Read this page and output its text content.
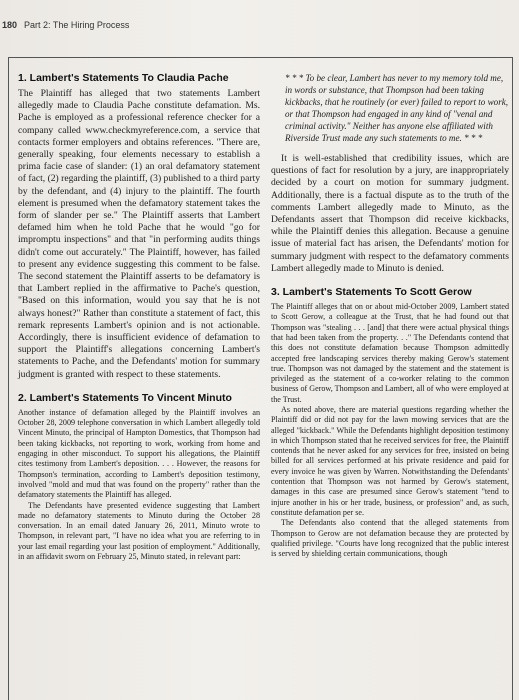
180 Part 2: The Hiring Process
1. Lambert's Statements To Claudia Pache

The Plaintiff has alleged that two statements Lambert allegedly made to Claudia Pache constitute defamation. Ms. Pache is employed as a professional reference checker for a company called www.checkmyreference.com, a service that contacts former employers and obtains references. "There are, generally speaking, four elements necessary to establish a prima facie case of slander: (1) an oral defamatory statement of fact, (2) regarding the plaintiff, (3) published to a third party by the defendant, and (4) injury to the plaintiff. The fourth element is presumed when the defamatory statement takes the form of slander per se." The Plaintiff asserts that Lambert defamed him when he told Pache that he would "go for impromptu inspections" and that "in performing audits things didn't come out accurately." The Plaintiff, however, has failed to present any evidence suggesting this comment to be false. The second statement the Plaintiff asserts to be defamatory is that Lambert replied in the affirmative to Pache's question, "Based on this information, would you say that he is not always honest?" Rather than constitute a statement of fact, this remark represents Lambert's opinion and is not actionable. Accordingly, there is insufficient evidence of defamation to support the Plaintiff's allegations concerning Lambert's statements to Pache, and the Defendants' motion for summary judgment is granted with respect to these statements.

2. Lambert's Statements To Vincent Minuto

Another instance of defamation alleged by the Plaintiff involves an October 28, 2009 telephone conversation in which Lambert allegedly told Vincent Minuto, the principal of Hampton Domestics, that Thompson had been taking kickbacks, not reporting to work, working from home and engaging in other misconduct. To support his allegations, the Plaintiff cites testimony from Lambert's deposition. . . . However, the reasons for Thompson's termination, according to Lambert's deposition testimony, involved "mold and mud that was found on the property" rather than the defamatory statements the Plaintiff has alleged.

The Defendants have presented evidence suggesting that Lambert made no defamatory statements to Minuto during the October 28 conversation. In an email dated January 26, 2011, Minuto wrote to Thompson, in relevant part, "I have no idea what you are referring to in your last email regarding your last position of employment." Additionally, in an affidavit sworn on February 25, Minuto stated, in relevant part:

* * * To be clear, Lambert has never to my memory told me, in words or substance, that Thompson had been taking kickbacks, that he routinely (or ever) failed to report to work, or that Thompson had engaged in any kind of "venal and criminal activity." Neither has anyone else affiliated with Riverside Trust made any such statements to me. * * *

It is well-established that credibility issues, which are questions of fact for resolution by a jury, are inappropriately decided by a court on motion for summary judgment. Additionally, there is a factual dispute as to the truth of the comments Lambert allegedly made to Minuto, as the Defendants assert that Thompson did receive kickbacks, while the Plaintiff denies this allegation. Because a genuine issue of material fact has arisen, the Defendants' motion for summary judgment with respect to the defamatory comments Lambert allegedly made to Minuto is denied.

3. Lambert's Statements To Scott Gerow

The Plaintiff alleges that on or about mid-October 2009, Lambert stated to Scott Gerow, a colleague at the Trust, that he had found out that Thompson was "stealing . . . [and] that there were actual physical things that had been taken from the property. . ." The Defendants contend that this does not constitute defamation because Thompson admittedly accepted free landscaping services thereby making Gerow's statement true. Thompson was not damaged by the statement and the statement is privileged as the statement of a co-worker relating to the common business of Gerow, Thompson and Lambert, all of who were employed at the Trust.

As noted above, there are material questions regarding whether the Plaintiff did or did not pay for the lawn mowing services that are the alleged "kickback." While the Defendants highlight deposition testimony in which Thompson stated that he received services for free, the Plaintiff contends that he never asked for any services for free, insisted on being billed for all services performed at his private residence and paid for every invoice he was given by Warren. Notwithstanding the Defendants' contention that Thompson was not harmed by Gerow's statement, damages in this case are presumed since Gerow's statement "tend to injure another in his or her trade, business, or profession" and, as such, constitute defamation per se.

The Defendants also contend that the alleged statements from Thompson to Gerow are not defamation because they are protected by qualified privilege. "Courts have long recognized that the public interest is served by shielding certain communications, though
